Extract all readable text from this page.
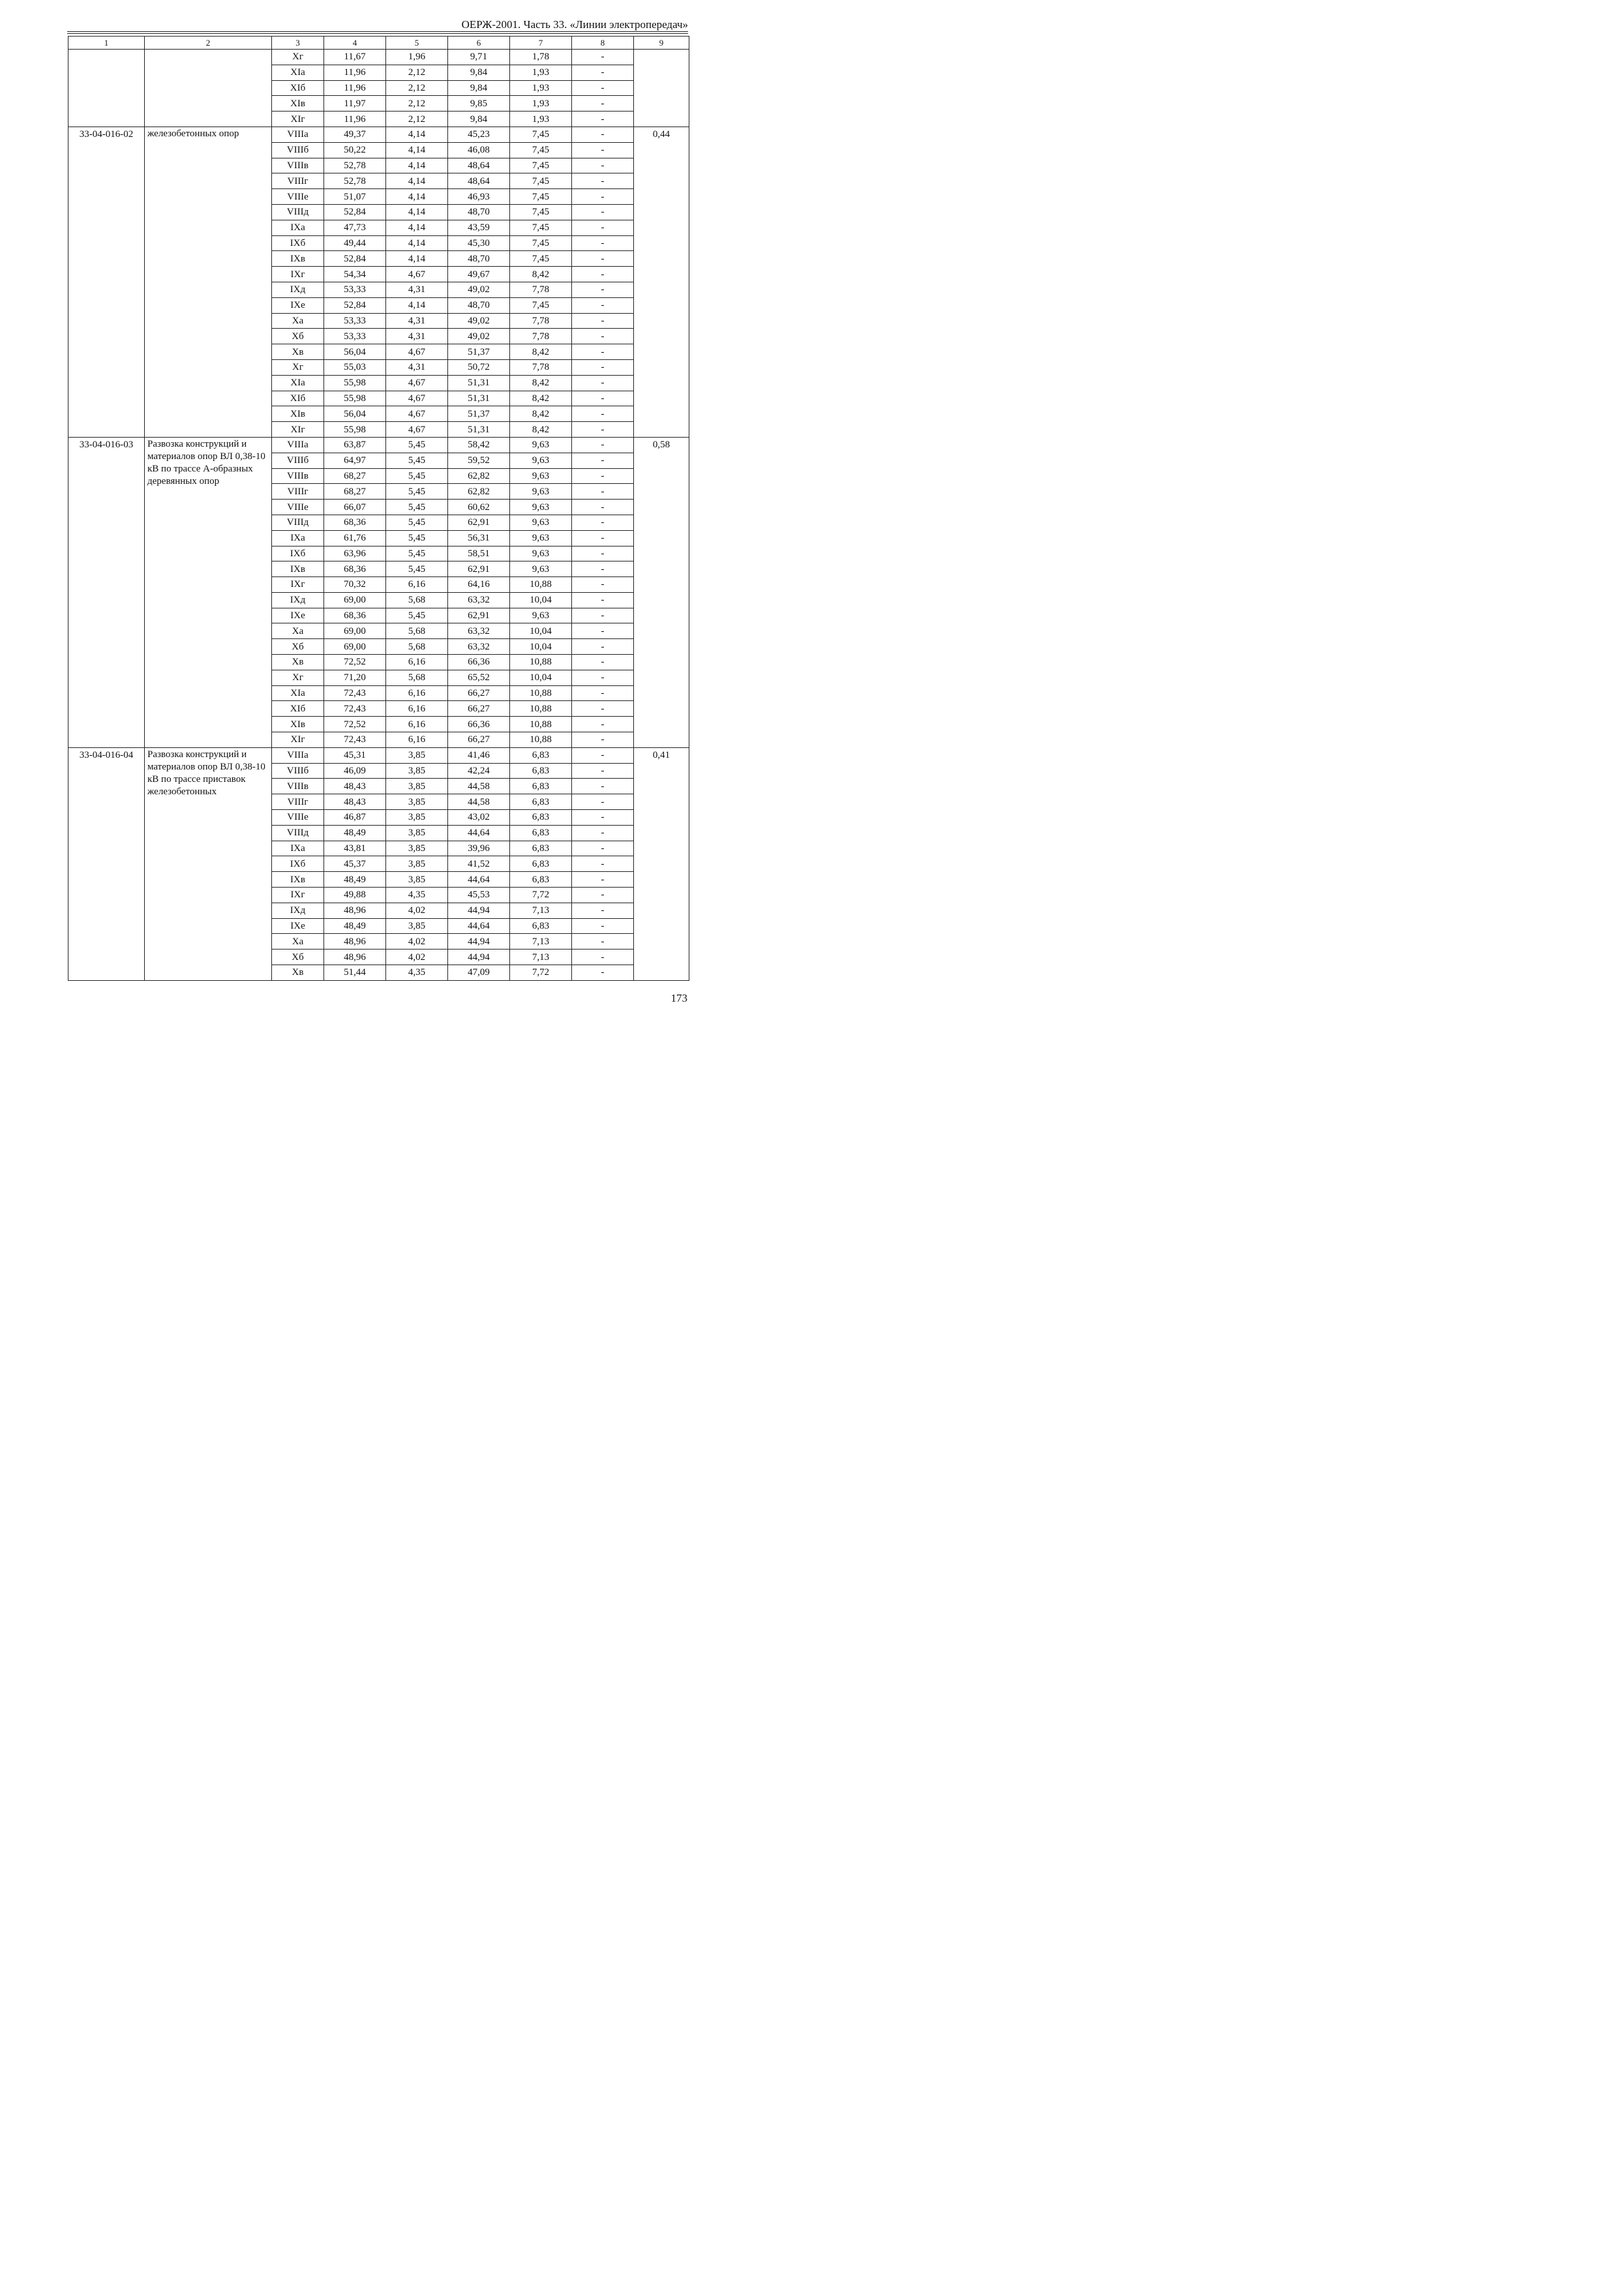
ОЕРЖ-2001. Часть 33. «Линии электропередач»
1	2	3	4	5	6	7	8	9
		Xг	11,67	1,96	9,71	1,78	-	
		XIа	11,96	2,12	9,84	1,93	-	
		XIб	11,96	2,12	9,84	1,93	-	
		XIв	11,97	2,12	9,85	1,93	-	
		XIг	11,96	2,12	9,84	1,93	-	
33-04-016-02	железобетонных опор	VIIIа	49,37	4,14	45,23	7,45	-	0,44
		VIIIб	50,22	4,14	46,08	7,45	-	
		VIIIв	52,78	4,14	48,64	7,45	-	
		VIIIг	52,78	4,14	48,64	7,45	-	
		VIIIе	51,07	4,14	46,93	7,45	-	
		VIIIд	52,84	4,14	48,70	7,45	-	
		IXа	47,73	4,14	43,59	7,45	-	
		IXб	49,44	4,14	45,30	7,45	-	
		IXв	52,84	4,14	48,70	7,45	-	
		IXг	54,34	4,67	49,67	8,42	-	
		IXд	53,33	4,31	49,02	7,78	-	
		IXе	52,84	4,14	48,70	7,45	-	
		Xа	53,33	4,31	49,02	7,78	-	
		Xб	53,33	4,31	49,02	7,78	-	
		Xв	56,04	4,67	51,37	8,42	-	
		Xг	55,03	4,31	50,72	7,78	-	
		XIа	55,98	4,67	51,31	8,42	-	
		XIб	55,98	4,67	51,31	8,42	-	
		XIв	56,04	4,67	51,37	8,42	-	
		XIг	55,98	4,67	51,31	8,42	-	
33-04-016-03	Развозка конструкций и материалов опор ВЛ 0,38-10 кВ по трассе А-образных деревянных опор	VIIIа	63,87	5,45	58,42	9,63	-	0,58
		VIIIб	64,97	5,45	59,52	9,63	-	
		VIIIв	68,27	5,45	62,82	9,63	-	
		VIIIг	68,27	5,45	62,82	9,63	-	
		VIIIе	66,07	5,45	60,62	9,63	-	
		VIIIд	68,36	5,45	62,91	9,63	-	
		IXа	61,76	5,45	56,31	9,63	-	
		IXб	63,96	5,45	58,51	9,63	-	
		IXв	68,36	5,45	62,91	9,63	-	
		IXг	70,32	6,16	64,16	10,88	-	
		IXд	69,00	5,68	63,32	10,04	-	
		IXе	68,36	5,45	62,91	9,63	-	
		Xа	69,00	5,68	63,32	10,04	-	
		Xб	69,00	5,68	63,32	10,04	-	
		Xв	72,52	6,16	66,36	10,88	-	
		Xг	71,20	5,68	65,52	10,04	-	
		XIа	72,43	6,16	66,27	10,88	-	
		XIб	72,43	6,16	66,27	10,88	-	
		XIв	72,52	6,16	66,36	10,88	-	
		XIг	72,43	6,16	66,27	10,88	-	
33-04-016-04	Развозка конструкций и материалов опор ВЛ 0,38-10 кВ по трассе приставок железобетонных	VIIIа	45,31	3,85	41,46	6,83	-	0,41
		VIIIб	46,09	3,85	42,24	6,83	-	
		VIIIв	48,43	3,85	44,58	6,83	-	
		VIIIг	48,43	3,85	44,58	6,83	-	
		VIIIе	46,87	3,85	43,02	6,83	-	
		VIIIд	48,49	3,85	44,64	6,83	-	
		IXа	43,81	3,85	39,96	6,83	-	
		IXб	45,37	3,85	41,52	6,83	-	
		IXв	48,49	3,85	44,64	6,83	-	
		IXг	49,88	4,35	45,53	7,72	-	
		IXд	48,96	4,02	44,94	7,13	-	
		IXе	48,49	3,85	44,64	6,83	-	
		Xа	48,96	4,02	44,94	7,13	-	
		Xб	48,96	4,02	44,94	7,13	-	
		Xв	51,44	4,35	47,09	7,72	-	
173
